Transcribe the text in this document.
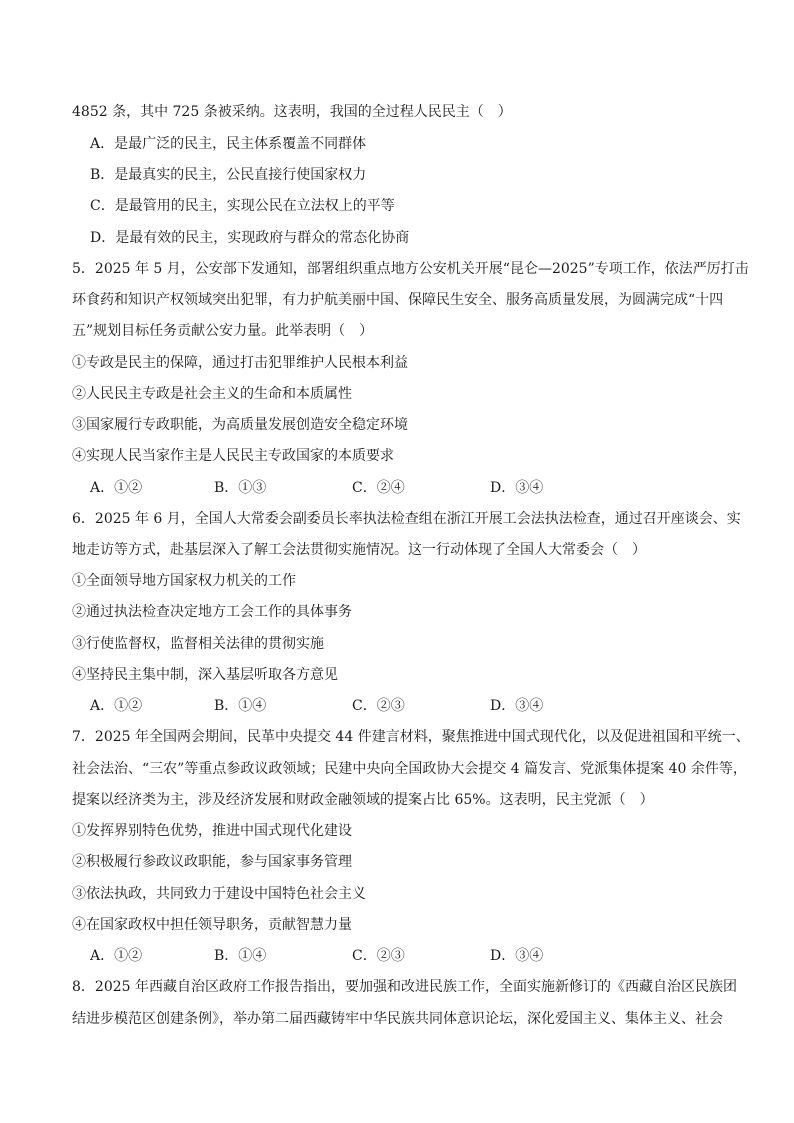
4852 条，其中 725 条被采纳。这表明，我国的全过程人民民主（　）
A．是最广泛的民主，民主体系覆盖不同群体
B．是最真实的民主，公民直接行使国家权力
C．是最管用的民主，实现公民在立法权上的平等
D．是最有效的民主，实现政府与群众的常态化协商
5．2025 年 5 月，公安部下发通知，部署组织重点地方公安机关开展“昆仑—2025”专项工作，依法严厉打击
环食药和知识产权领域突出犯罪，有力护航美丽中国、保障民生安全、服务高质量发展，为圆满完成“十四
五”规划目标任务贡献公安力量。此举表明（　）
①专政是民主的保障，通过打击犯罪维护人民根本利益
②人民民主专政是社会主义的生命和本质属性
③国家履行专政职能，为高质量发展创造安全稳定环境
④实现人民当家作主是人民民主专政国家的本质要求
A．①②	B．①③	C．②④	D．③④
6．2025 年 6 月，全国人大常委会副委员长率执法检查组在浙江开展工会法执法检查，通过召开座谈会、实
地走访等方式，赴基层深入了解工会法贯彻实施情况。这一行动体现了全国人大常委会（　）
①全面领导地方国家权力机关的工作
②通过执法检查决定地方工会工作的具体事务
③行使监督权，监督相关法律的贯彻实施
④坚持民主集中制，深入基层听取各方意见
A．①②	B．①④	C．②③	D．③④
7．2025 年全国两会期间，民革中央提交 44 件建言材料，聚焦推进中国式现代化，以及促进祖国和平统一、
社会法治、“三农”等重点参政议政领域；民建中央向全国政协大会提交 4 篇发言、党派集体提案 40 余件等，
提案以经济类为主，涉及经济发展和财政金融领域的提案占比 65%。这表明，民主党派（　）
①发挥界别特色优势，推进中国式现代化建设
②积极履行参政议政职能，参与国家事务管理
③依法执政，共同致力于建设中国特色社会主义
④在国家政权中担任领导职务，贡献智慧力量
A．①②	B．①④	C．②③	D．③④
8．2025 年西藏自治区政府工作报告指出，要加强和改进民族工作，全面实施新修订的《西藏自治区民族团
结进步模范区创建条例》，举办第二届西藏铸牢中华民族共同体意识论坛，深化爱国主义、集体主义、社会
